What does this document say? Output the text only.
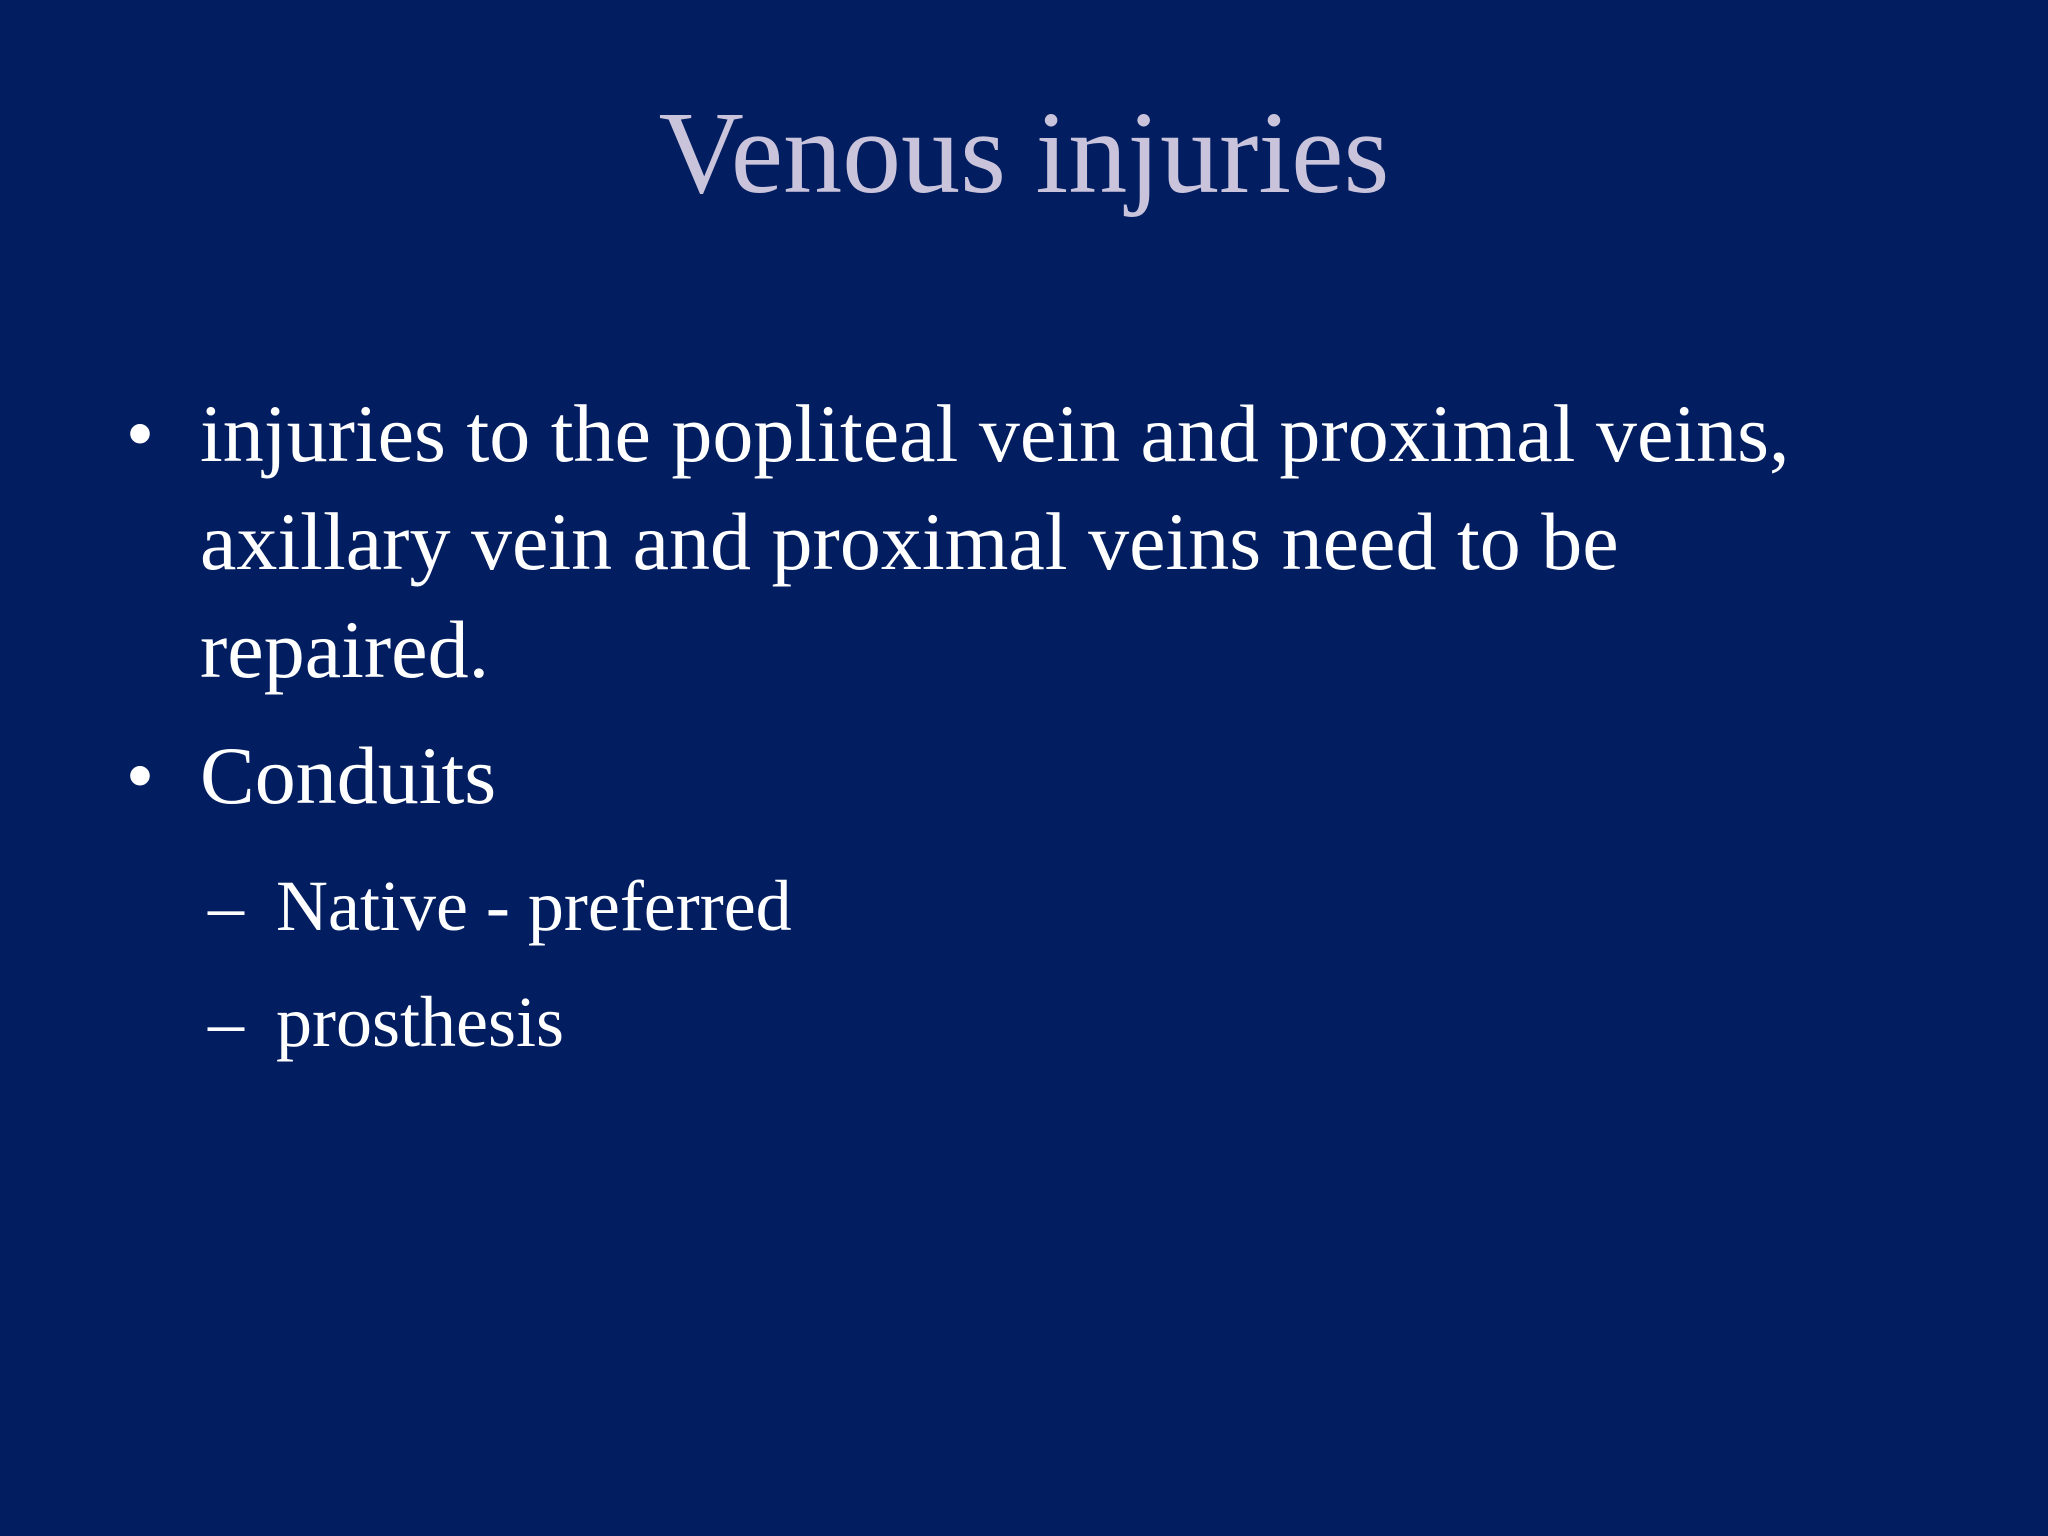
Venous injuries
• injuries to the popliteal vein and proximal veins, axillary vein and proximal veins need to be repaired.
• Conduits
– Native - preferred
– prosthesis
